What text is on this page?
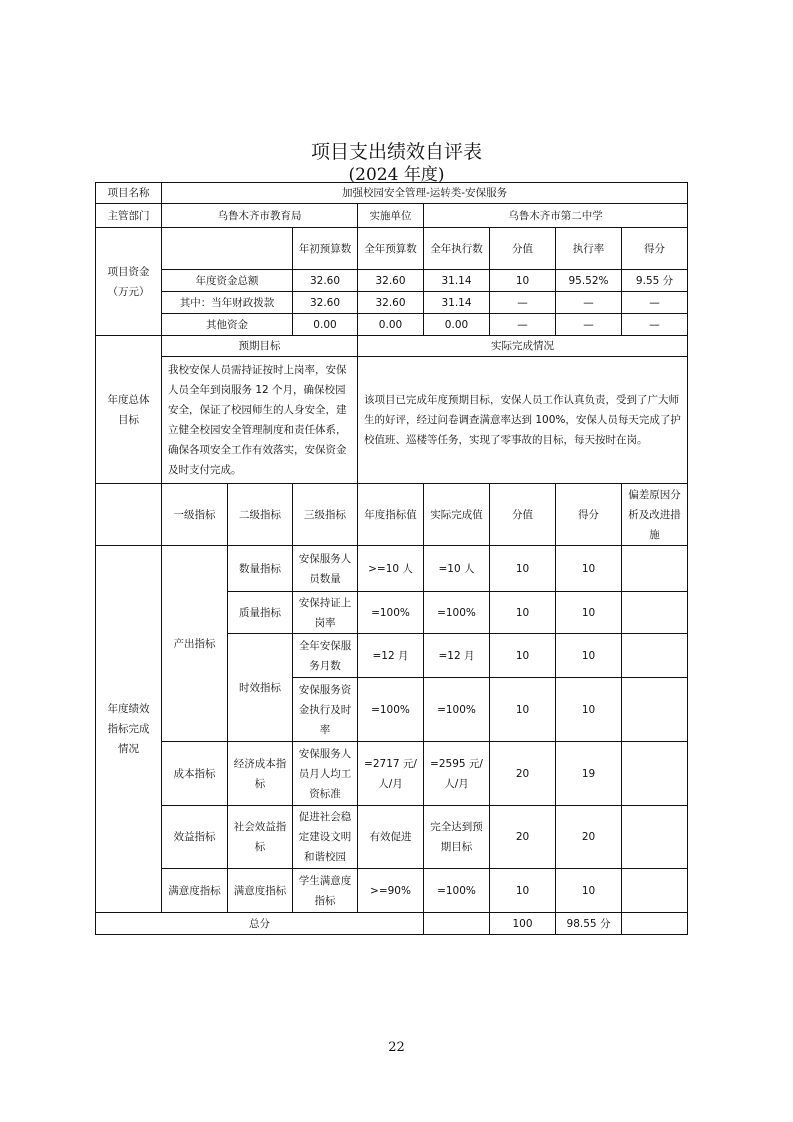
项目支出绩效自评表
(2024 年度)
项目名称	加强校园安全管理-运转类-安保服务							
主管部门	乌鲁木齐市教育局			实施单位	乌鲁木齐市第二中学			
项目资金（万元）			年初预算数	全年预算数	全年执行数	分值	执行率	得分
	年度资金总额		32.60	32.60	31.14	10	95.52%	9.55 分
	其中：当年财政拨款		32.60	32.60	31.14	—	—	—
	其他资金		0.00	0.00	0.00	—	—	—
年度总体目标	预期目标			实际完成情况				
	我校安保人员需持证按时上岗率，安保人员全年到岗服务 12 个月，确保校园安全，保证了校园师生的人身安全，建立健全校园安全管理制度和责任体系，确保各项安全工作有效落实，安保资金及时支付完成。			该项目已完成年度预期目标，安保人员工作认真负责，受到了广大师生的好评，经过问卷调查满意率达到 100%，安保人员每天完成了护校值班、巡楼等任务，实现了零事故的目标，每天按时在岗。				
	一级指标	二级指标	三级指标	年度指标值	实际完成值	分值	得分	偏差原因分析及改进措施
年度绩效指标完成情况	产出指标	数量指标	安保服务人员数量	>=10 人	=10 人	10	10	
		质量指标	安保持证上岗率	=100%	=100%	10	10	
		时效指标	全年安保服务月数	=12 月	=12 月	10	10	
			安保服务资金执行及时率	=100%	=100%	10	10	
	成本指标	经济成本指标	安保服务人员月人均工资标准	=2717 元/人/月	=2595 元/人/月	20	19	
	效益指标	社会效益指标	促进社会稳定建设文明和谐校园	有效促进	完全达到预期目标	20	20	
	满意度指标	满意度指标	学生满意度指标	>=90%	=100%	10	10	
总分						100	98.55 分	
22
